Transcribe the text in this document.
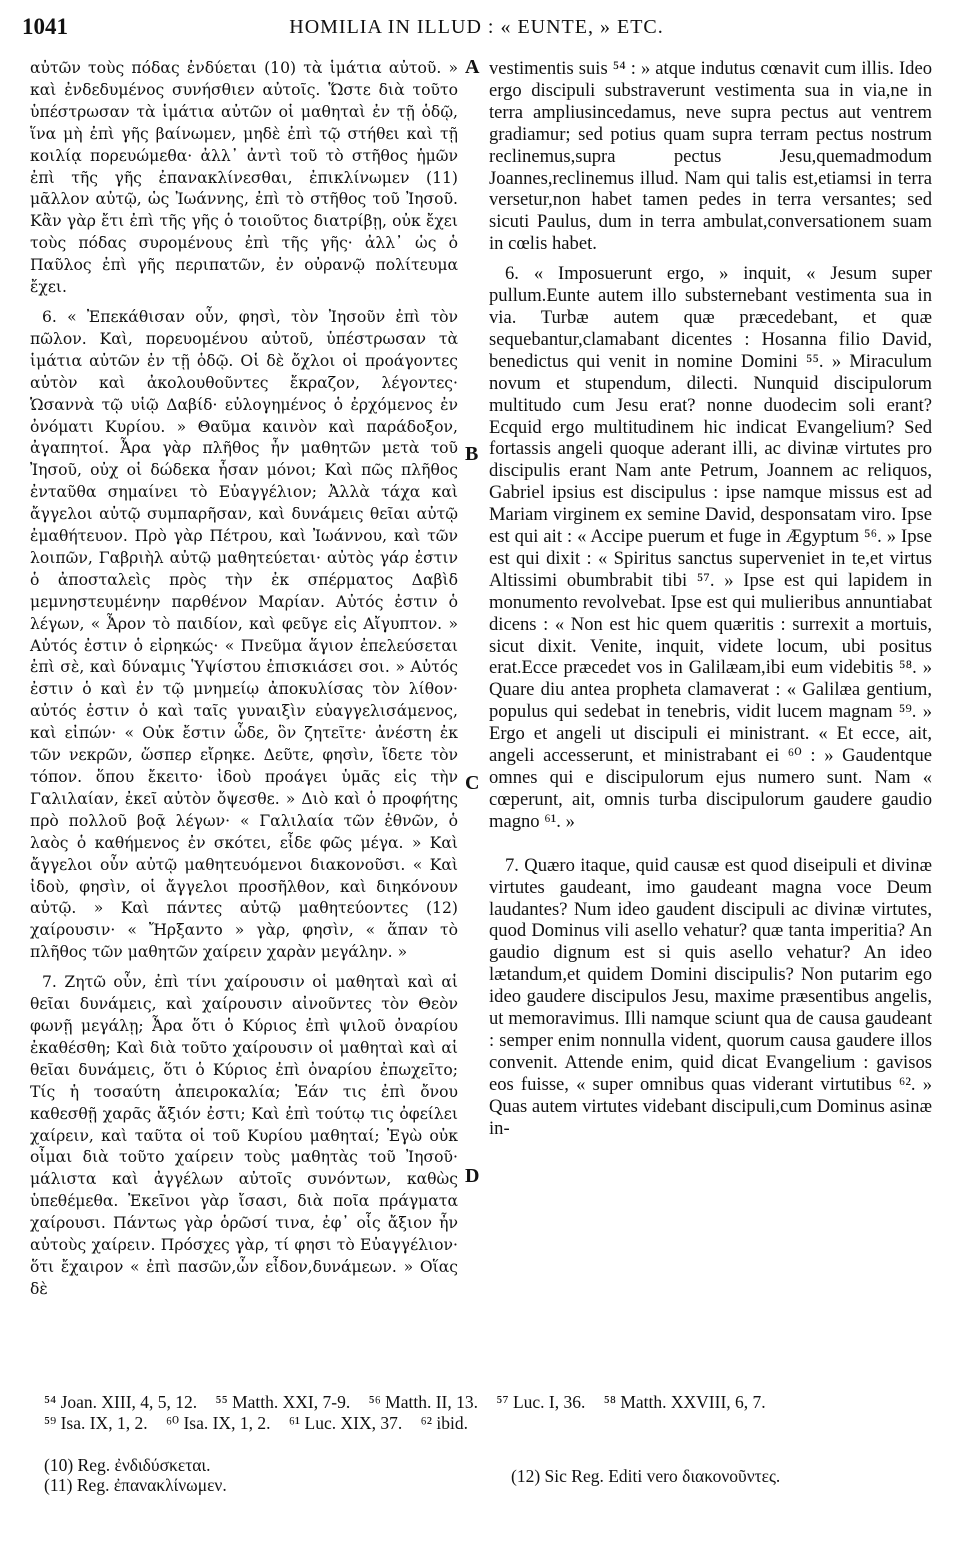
1041	HOMILIA IN ILLUD : « EUNTE, » ETC.

αὐτῶν τοὺς πόδας ἐνδύεται (10) τὰ ἱμάτια αὐτοῦ. » καὶ ἐνδεδυμένος συνήσθιεν αὐτοῖς. Ὥστε διὰ τοῦτο ὑπέστρωσαν τὰ ἱμάτια αὐτῶν οἱ μαθηταὶ ἐν τῇ ὁδῷ, ἵνα μὴ ἐπὶ γῆς βαίνωμεν, μηδὲ ἐπὶ τῷ στήθει καὶ τῇ κοιλίᾳ πορευώμεθα· ἀλλ᾿ ἀντὶ τοῦ τὸ στῆθος ἡμῶν ἐπὶ τῆς γῆς ἐπανακλίνεσθαι, ἐπικλίνωμεν (11) μᾶλλον αὐτῷ, ὡς Ἰωάννης, ἐπὶ τὸ στῆθος τοῦ Ἰησοῦ. Κἂν γὰρ ἔτι ἐπὶ τῆς γῆς ὁ τοιοῦτος διατρίβῃ, οὐκ ἔχει τοὺς πόδας συρομένους ἐπὶ τῆς γῆς· ἀλλ᾿ ὡς ὁ Παῦλος ἐπὶ γῆς περιπατῶν, ἐν οὐρανῷ πολίτευμα ἔχει.

6. « Ἐπεκάθισαν οὖν, φησὶ, τὸν Ἰησοῦν ἐπὶ τὸν πῶλον. Καὶ, πορευομένου αὐτοῦ, ὑπέστρωσαν τὰ ἱμάτια αὐτῶν ἐν τῇ ὁδῷ. Οἱ δὲ ὄχλοι οἱ προάγοντες αὐτὸν καὶ ἀκολουθοῦντες ἔκραζον, λέγοντες· Ὡσαννὰ τῷ υἱῷ Δαβίδ· εὐλογημένος ὁ ἐρχόμενος ἐν ὀνόματι Κυρίου. » Θαῦμα καινὸν καὶ παράδοξον, ἀγαπητοί. Ἆρα γὰρ πλῆθος ἦν μαθητῶν μετὰ τοῦ Ἰησοῦ, οὐχ οἱ δώδεκα ἦσαν μόνοι; Καὶ πῶς πλῆθος ἐνταῦθα σημαίνει τὸ Εὐαγγέλιον; Ἀλλὰ τάχα καὶ ἄγγελοι αὐτῷ συμπαρῆσαν, καὶ δυνάμεις θεῖαι αὐτῷ ἐμαθήτευον. Πρὸ γὰρ Πέτρου, καὶ Ἰωάννου, καὶ τῶν λοιπῶν, Γαβριὴλ αὐτῷ μαθητεύεται· αὐτὸς γάρ ἐστιν ὁ ἀποσταλεὶς πρὸς τὴν ἐκ σπέρματος Δαβὶδ μεμνηστευμένην παρθένον Μαρίαν. Αὐτός ἐστιν ὁ λέγων, « Ἆρον τὸ παιδίον, καὶ φεῦγε εἰς Αἴγυπτον. » Αὐτός ἐστιν ὁ εἰρηκώς· « Πνεῦμα ἅγιον ἐπελεύσεται ἐπὶ σὲ, καὶ δύναμις Ὑψίστου ἐπισκιάσει σοι. » Αὐτός ἐστιν ὁ καὶ ἐν τῷ μνημείῳ ἀποκυλίσας τὸν λίθον· αὐτός ἐστιν ὁ καὶ ταῖς γυναιξὶν εὐαγγελισάμενος, καὶ εἰπών· « Οὐκ ἔστιν ὧδε, ὃν ζητεῖτε· ἀνέστη ἐκ τῶν νεκρῶν, ὥσπερ εἴρηκε. Δεῦτε, φησὶν, ἴδετε τὸν τόπον. ὅπου ἔκειτο· ἰδοὺ προάγει ὑμᾶς εἰς τὴν Γαλιλαίαν, ἐκεῖ αὐτὸν ὄψεσθε. » Διὸ καὶ ὁ προφήτης πρὸ πολλοῦ βοᾷ λέγων· « Γαλιλαία τῶν ἐθνῶν, ὁ λαὸς ὁ καθήμενος ἐν σκότει, εἶδε φῶς μέγα. » Καὶ ἄγγελοι οὖν αὐτῷ μαθητευόμενοι διακονοῦσι. « Καὶ ἰδοὺ, φησὶν, οἱ ἄγγελοι προσῆλθον, καὶ διηκόνουν αὐτῷ. » Καὶ πάντες αὐτῷ μαθητεύοντες (12) χαίρουσιν· « Ἤρξαντο » γὰρ, φησὶν, « ἅπαν τὸ πλῆθος τῶν μαθητῶν χαίρειν χαρὰν μεγάλην. »

7. Ζητῶ οὖν, ἐπὶ τίνι χαίρουσιν οἱ μαθηταὶ καὶ αἱ θεῖαι δυνάμεις, καὶ χαίρουσιν αἰνοῦντες τὸν Θεὸν φωνῇ μεγάλῃ; Ἆρα ὅτι ὁ Κύριος ἐπὶ ψιλοῦ ὀναρίου ἐκαθέσθη; Καὶ διὰ τοῦτο χαίρουσιν οἱ μαθηταὶ καὶ αἱ θεῖαι δυνάμεις, ὅτι ὁ Κύριος ἐπὶ ὀναρίου ἐπωχεῖτο; Τίς ἡ τοσαύτη ἀπειροκαλία; Ἐάν τις ἐπὶ ὄνου καθεσθῇ χαρᾶς ἄξιόν ἐστι; Καὶ ἐπὶ τούτῳ τις ὀφείλει χαίρειν, καὶ ταῦτα οἱ τοῦ Κυρίου μαθηταί; Ἐγὼ οὐκ οἶμαι διὰ τοῦτο χαίρειν τοὺς μαθητὰς τοῦ Ἰησοῦ· μάλιστα καὶ ἀγγέλων αὐτοῖς συνόντων, καθὼς ὑπεθέμεθα. Ἐκεῖνοι γὰρ ἴσασι, διὰ ποῖα πράγματα χαίρουσι. Πάντως γὰρ ὁρῶσί τινα, ἐφ᾿ οἷς ἄξιον ἦν αὐτοὺς χαίρειν. Πρόσχες γὰρ, τί φησι τὸ Εὐαγγέλιον· ὅτι ἔχαιρον « ἐπὶ πασῶν,ὧν εἶδον,δυνάμεων. » Οἵας δὲ

A
B
C
D

vestimentis suis ⁵⁴ : » atque indutus cœnavit cum illis. Ideo ergo discipuli substraverunt vestimenta sua in via,ne in terra ampliusincedamus, neve supra pectus aut ventrem gradiamur; sed potius quam supra terram pectus nostrum reclinemus,supra pectus Jesu,quemadmodum Joannes,reclinemus illud. Nam qui talis est,etiamsi in terra versetur,non habet tamen pedes in terra versantes; sed sicuti Paulus, dum in terra ambulat,conversationem suam in cœlis habet.

6. « Imposuerunt ergo, » inquit, « Jesum super pullum.Eunte autem illo substernebant vestimenta sua in via. Turbæ autem quæ præcedebant, et quæ sequebantur,clamabant dicentes : Hosanna filio David, benedictus qui venit in nomine Domini ⁵⁵. » Miraculum novum et stupendum, dilecti. Nunquid discipulorum multitudo cum Jesu erat? nonne duodecim soli erant? Ecquid ergo multitudinem hic indicat Evangelium? Sed fortassis angeli quoque aderant illi, ac divinæ virtutes pro discipulis erant Nam ante Petrum, Joannem ac reliquos, Gabriel ipsius est discipulus : ipse namque missus est ad Mariam virginem ex semine David, desponsatam viro. Ipse est qui ait : « Accipe puerum et fuge in Ægyptum ⁵⁶. » Ipse est qui dixit : « Spiritus sanctus superveniet in te,et virtus Altissimi obumbrabit tibi ⁵⁷. » Ipse est qui lapidem in monumento revolvebat. Ipse est qui mulieribus annuntiabat dicens : « Non est hic quem quæritis : surrexit a mortuis, sicut dixit. Venite, inquit, videte locum, ubi positus erat.Ecce præcedet vos in Galilæam,ibi eum videbitis ⁵⁸. » Quare diu antea propheta clamaverat : « Galilæa gentium, populus qui sedebat in tenebris, vidit lucem magnam ⁵⁹. » Ergo et angeli ut discipuli ei ministrant. « Et ecce, ait, angeli accesserunt, et ministrabant ei ⁶⁰ : » Gaudentque omnes qui e discipulorum ejus numero sunt. Nam « cœperunt, ait, omnis turba discipulorum gaudere gaudio magno ⁶¹. »

7. Quæro itaque, quid causæ est quod diseipuli et divinæ virtutes gaudeant, imo gaudeant magna voce Deum laudantes? Num ideo gaudent discipuli ac divinæ virtutes, quod Dominus vili asello vehatur? quæ tanta imperitia? An gaudio dignum est si quis asello vehatur? An ideo lætandum,et quidem Domini discipulis? Non putarim ego ideo gaudere discipulos Jesu, maxime præsentibus angelis, ut memoravimus. Illi namque sciunt qua de causa gaudeant : semper enim nonnulla vident, quorum causa gaudere illos convenit. Attende enim, quid dicat Evangelium : gavisos eos fuisse, « super omnibus quas viderant virtutibus ⁶². » Quas autem virtutes videbant discipuli,cum Dominus asinæ in-

⁵⁴ Joan. XIII, 4, 5, 12. ⁵⁵ Matth. XXI, 7-9. ⁵⁶ Matth. II, 13. ⁵⁷ Luc. I, 36. ⁵⁸ Matth. XXVIII, 6, 7.
⁵⁹ Isa. IX, 1, 2. ⁶⁰ Isa. IX, 1, 2. ⁶¹ Luc. XIX, 37. ⁶² ibid.
(10) Reg. ἐνδιδύσκεται.
(11) Reg. ἐπανακλίνωμεν.	(12) Sic Reg. Editi vero διακονοῦντες.
